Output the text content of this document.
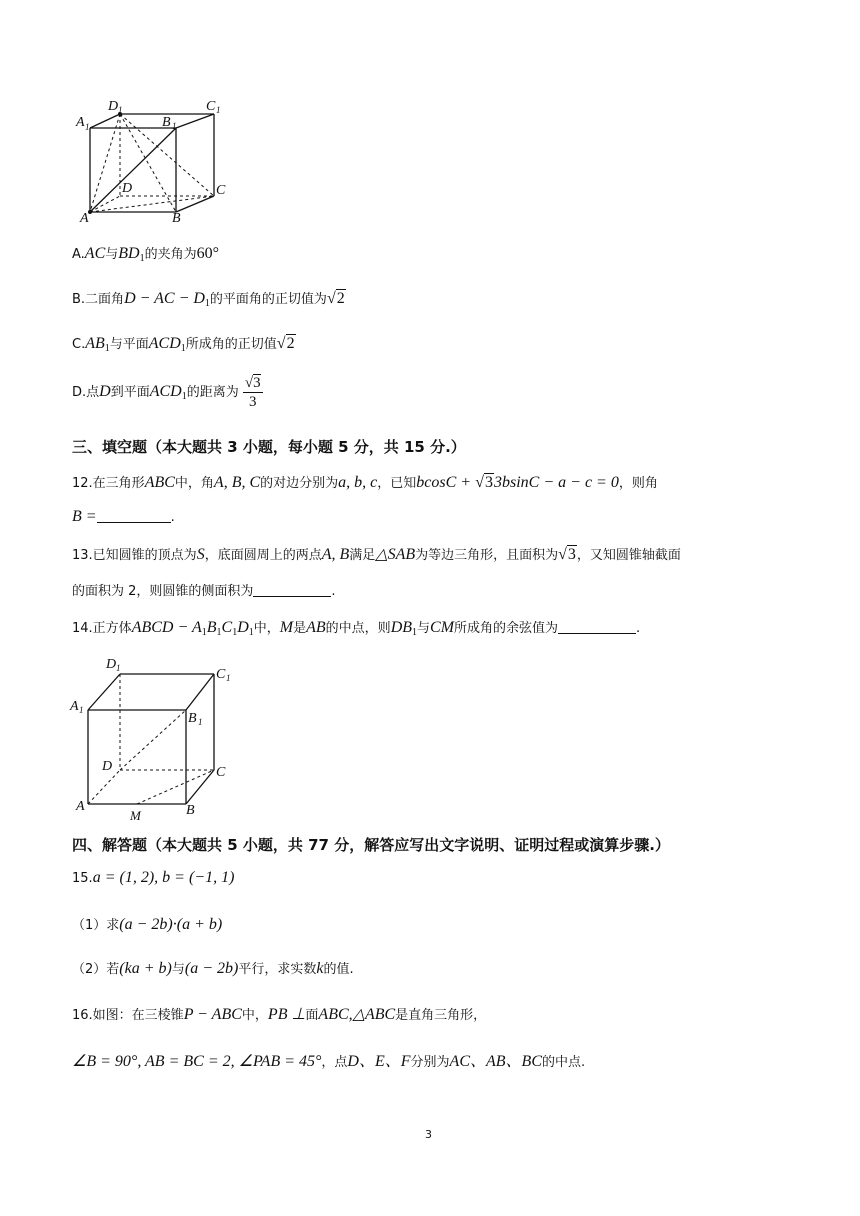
A 1
D 1	C 1
B 1
D	C
A	B
A.AC与$BD_1$的夹角为60°
B.二面角D − AC − $D_1$的平面角的正切值为√2
$C.AB_1$与平面$ACD_1$所成角的正切值√2
D.点D到平面$ACD_1$的距离为 $\frac{√3}{3}$
三、填空题（本大题共 3 小题，每小题 5 分，共 15 分.）
12.在三角形ABC中，角A, B, C的对边分别为a, b, c，已知bcosC + √33bsinC − a − c = 0，则角
B =	.
13.已知圆锥的顶点为S，底面圆周上的两点A, B满足△SAB为等边三角形，且面积为√3，又知圆锥轴截面
的面积为 2，则圆锥的侧面积为	.
14.正方体ABCD − $A_1B_1C_1D_1$中，M是AB的中点，则$DB_1$与CM所成角的余弦值为	.
D 1	C 1
A 1
B 1
D	C
A	B
M
四、解答题（本大题共 5 小题，共 77 分，解答应写出文字说明、证明过程或演算步骤.）
15.a = (1, 2), b = (−1, 1)
（1）求(a − 2b)·(a + b)
（2）若(ka + b)与(a − 2b)平行，求实数k的值.
16.如图：在三棱锥P − ABC中，PB ⊥面ABC,△ABC是直角三角形，
∠B = 90°, AB = BC = 2, ∠PAB = 45°，点D、E、F分别为AC、AB、BC的中点.
3
